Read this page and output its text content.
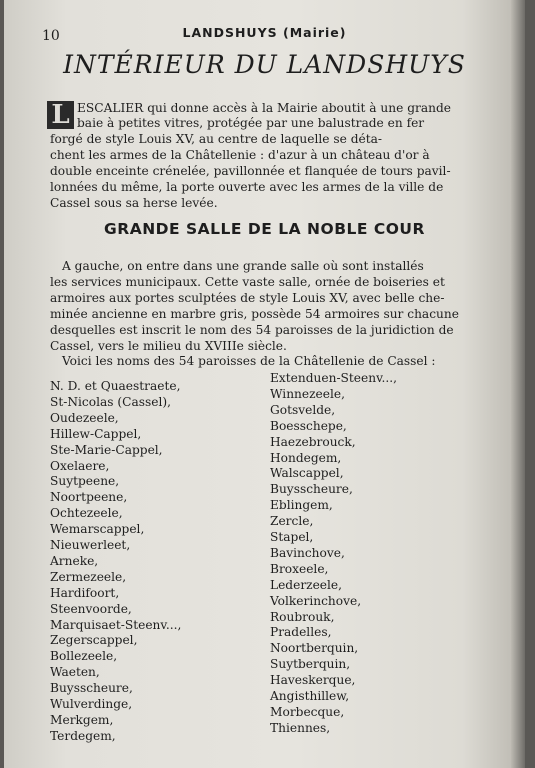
10	LANDSHUYS (Mairie)
INTÉRIEUR DU LANDSHUYS
L ESCALIER qui donne accès à la Mairie aboutit à une grande
baie à petites vitres, protégée par une balustrade en fer
forgé de style Louis XV, au centre de laquelle se déta-
chent les armes de la Châtellenie : d'azur à un château d'or à
double enceinte crénelée, pavillonnée et flanquée de tours pavil-
lonnées du même, la porte ouverte avec les armes de la ville de
Cassel sous sa herse levée.
GRANDE SALLE DE LA NOBLE COUR
A gauche, on entre dans une grande salle où sont installés
les services municipaux. Cette vaste salle, ornée de boiseries et
armoires aux portes sculptées de style Louis XV, avec belle che-
minée ancienne en marbre gris, possède 54 armoires sur chacune
desquelles est inscrit le nom des 54 paroisses de la juridiction de
Cassel, vers le milieu du XVIIIe siècle.
Voici les noms des 54 paroisses de la Châtellenie de Cassel :
N. D. et Quaestraete,
St-Nicolas (Cassel),
Oudezeele,
Hillew-Cappel,
Ste-Marie-Cappel,
Oxelaere,
Suytpeene,
Noortpeene,
Ochtezeele,
Wemarscappel,
Nieuwerleet,
Arneke,
Zermezeele,
Hardifoort,
Steenvoorde,
Marquisaet-Steenv...,
Zegerscappel,
Bollezeele,
Waeten,
Buysscheure,
Wulverdinge,
Merkgem,
Terdegem,
Extenduen-Steenv...,
Winnezeele,
Gotsvelde,
Boesschepe,
Haezebrouck,
Hondegem,
Walscappel,
Buysscheure,
Eblingem,
Zercle,
Stapel,
Bavinchove,
Broxeele,
Lederzeele,
Volkerinchove,
Roubrouk,
Pradelles,
Noortberquin,
Suytberquin,
Haveskerque,
Angisthillew,
Morbecque,
Thiennes,
